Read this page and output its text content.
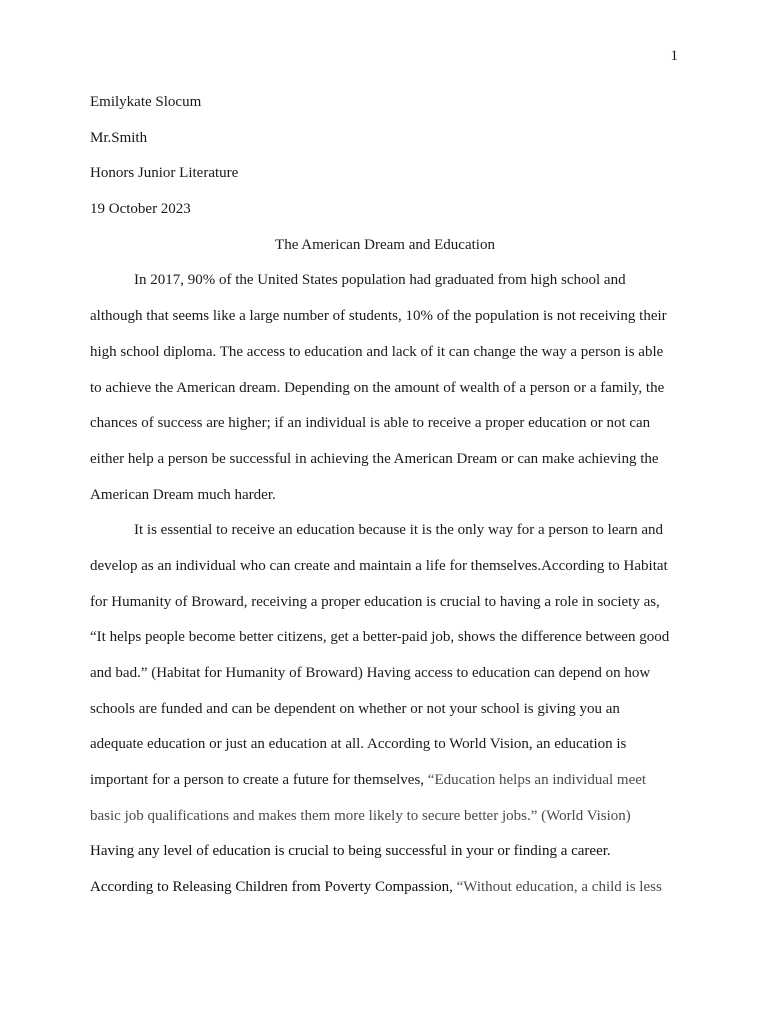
1
Emilykate Slocum
Mr.Smith
Honors Junior Literature
19 October 2023
The American Dream and Education
In 2017, 90% of the United States population had graduated from high school and
although that seems like a large number of students, 10% of the population is not receiving their
high school diploma. The access to education and lack of it can change the way a person is able
to achieve the American dream. Depending on the amount of wealth of a person or a family, the
chances of success are higher; if an individual is able to receive a proper education or not can
either help a person be successful in achieving the American Dream or can make achieving the
American Dream much harder.
It is essential to receive an education because it is the only way for a person to learn and
develop as an individual who can create and maintain a life for themselves.According to Habitat
for Humanity of Broward, receiving a proper education is crucial to having a role in society as,
“It helps people become better citizens, get a better-paid job, shows the difference between good
and bad.” (Habitat for Humanity of Broward) Having access to education can depend on how
schools are funded and can be dependent on whether or not your school is giving you an
adequate education or just an education at all. According to World Vision, an education is
important for a person to create a future for themselves, “Education helps an individual meet
basic job qualifications and makes them more likely to secure better jobs.” (World Vision)
Having any level of education is crucial to being successful in your or finding a career.
According to Releasing Children from Poverty Compassion, “Without education, a child is less
